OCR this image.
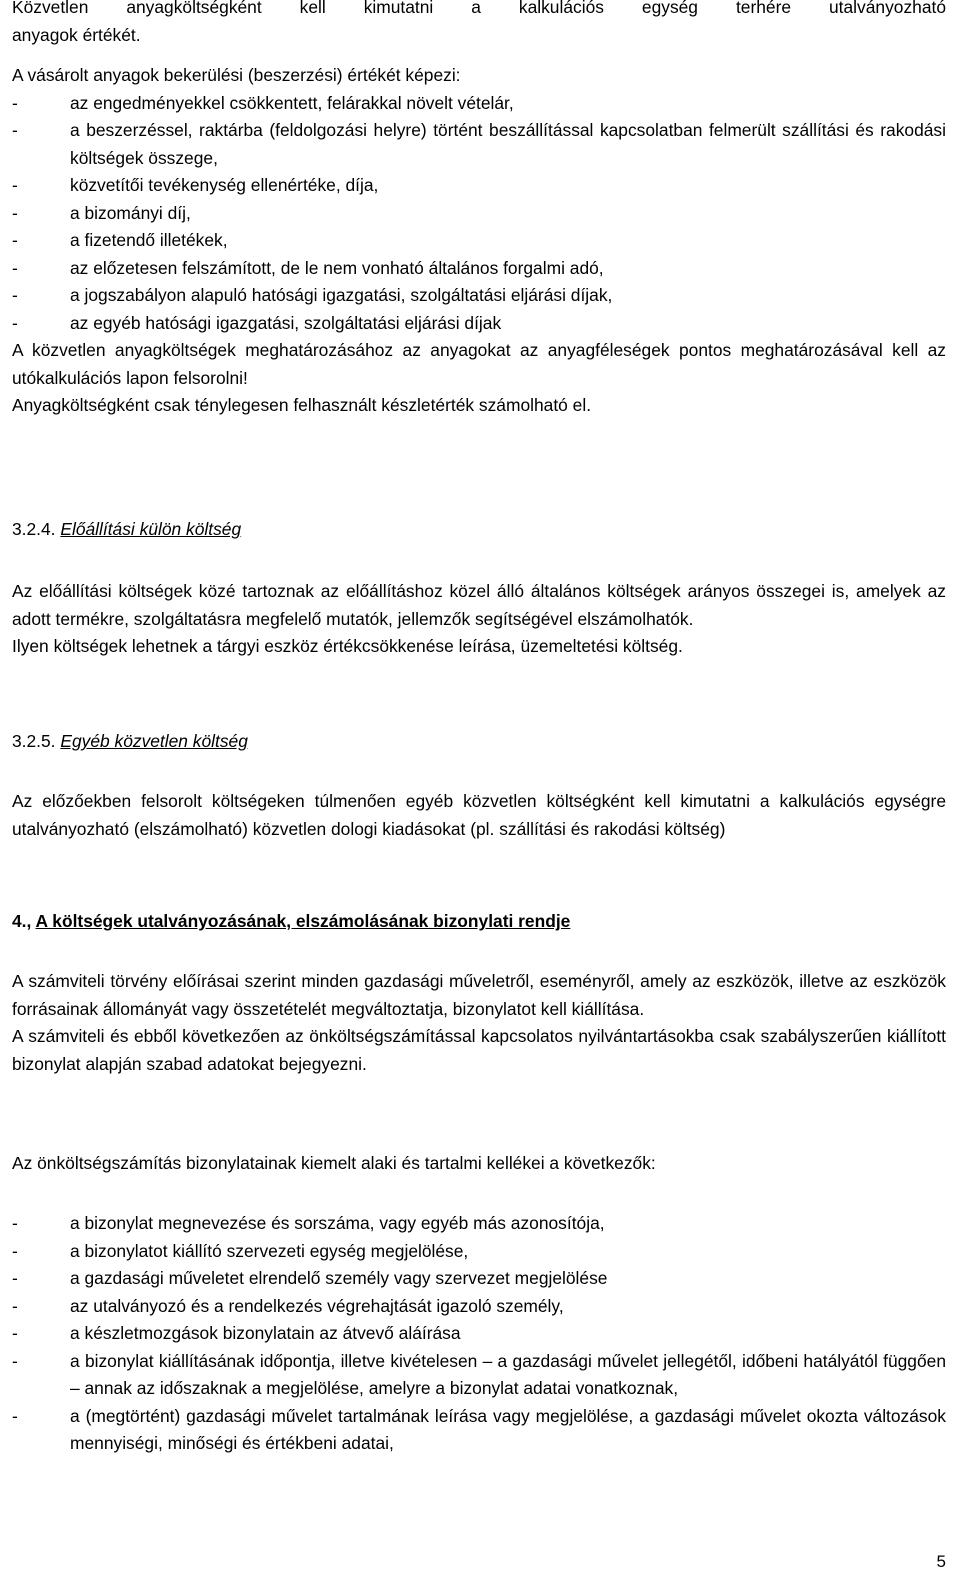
Közvetlen anyagköltségként kell kimutatni a kalkulációs egység terhére utalványozható

anyagok értékét.

A vásárolt anyagok bekerülési (beszerzési) értékét képezi:

- az engedményekkel csökkentett, felárakkal növelt vételár,
- a beszerzéssel, raktárba (feldolgozási helyre) történt beszállítással kapcsolatban felmerült szállítási és rakodási költségek összege,
- közvetítői tevékenység ellenértéke, díja,
- a bizományi díj,
- a fizetendő illetékek,
- az előzetesen felszámított, de le nem vonható általános forgalmi adó,
- a jogszabályon alapuló hatósági igazgatási, szolgáltatási eljárási díjak,
- az egyéb hatósági igazgatási, szolgáltatási eljárási díjak

A közvetlen anyagköltségek meghatározásához az anyagokat az anyagféleségek pontos meghatározásával kell az utókalkulációs lapon felsorolni!

Anyagköltségként csak ténylegesen felhasznált készletérték számolható el.

3.2.4. Előállítási külön költség

Az előállítási költségek közé tartoznak az előállításhoz közel álló általános költségek arányos összegei is, amelyek az adott termékre, szolgáltatásra megfelelő mutatók, jellemzők segítségével elszámolhatók.

Ilyen költségek lehetnek a tárgyi eszköz értékcsökkenése leírása, üzemeltetési költség.

3.2.5. Egyéb közvetlen költség

Az előzőekben felsorolt költségeken túlmenően egyéb közvetlen költségként kell kimutatni a kalkulációs egységre utalványozható (elszámolható) közvetlen dologi kiadásokat (pl. szállítási és rakodási költség)

4., A költségek utalványozásának, elszámolásának bizonylati rendje

A számviteli törvény előírásai szerint minden gazdasági műveletről, eseményről, amely az eszközök, illetve az eszközök forrásainak állományát vagy összetételét megváltoztatja, bizonylatot kell kiállítása.

A számviteli és ebből következően az önköltségszámítással kapcsolatos nyilvántartásokba csak szabályszerűen kiállított bizonylat alapján szabad adatokat bejegyezni.

Az önköltségszámítás bizonylatainak kiemelt alaki és tartalmi kellékei a következők:

- a bizonylat megnevezése és sorszáma, vagy egyéb más azonosítója,
- a bizonylatot kiállító szervezeti egység megjelölése,
- a gazdasági műveletet elrendelő személy vagy szervezet megjelölése
- az utalványozó és a rendelkezés végrehajtását igazoló személy,
- a készletmozgások bizonylatain az átvevő aláírása
- a bizonylat kiállításának időpontja, illetve kivételesen – a gazdasági művelet jellegétől, időbeni hatályától függően – annak az időszaknak a megjelölése, amelyre a bizonylat adatai vonatkoznak,
- a (megtörtént) gazdasági művelet tartalmának leírása vagy megjelölése, a gazdasági művelet okozta változások mennyiségi, minőségi és értékbeni adatai,
5
